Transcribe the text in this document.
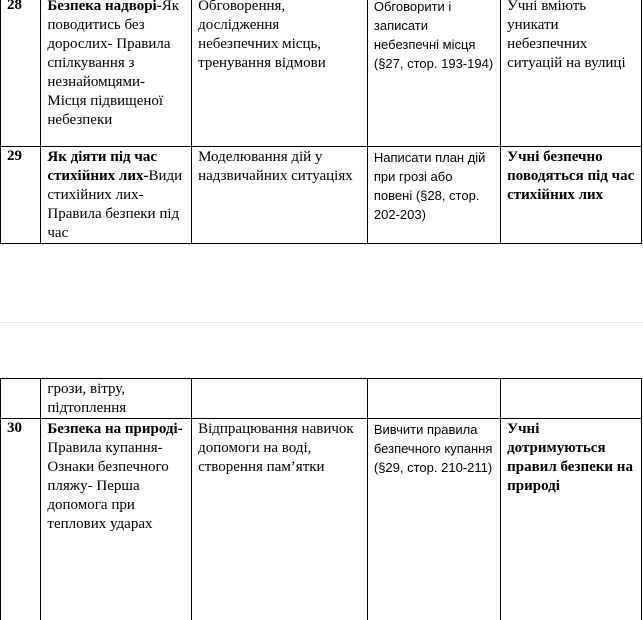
28	Безпека надворі-Як поводитись без дорослих- Правила спілкування з незнайомцями- Місця підвищеної небезпеки	Обговорення, дослідження небезпечних місць, тренування відмови	Обговорити і записати небезпечні місця (§27, стор. 193-194)	Учні вміють уникати небезпечних ситуацій на вулиці

29	Як діяти під час стихійних лих-Види стихійних лих- Правила безпеки під час	Моделювання дій у надзвичайних ситуаціях	Написати план дій при грозі або повені (§28, стор. 202-203)	Учні безпечно поводяться під час стихійних лих

	грози, вітру, підтоплення			

30	Безпека на природі-Правила купання- Ознаки безпечного пляжу- Перша допомога при теплових ударах	Відпрацювання навичок допомоги на воді, створення пам’ятки	Вивчити правила безпечного купання (§29, стор. 210-211)	Учні дотримуються правил безпеки на природі
